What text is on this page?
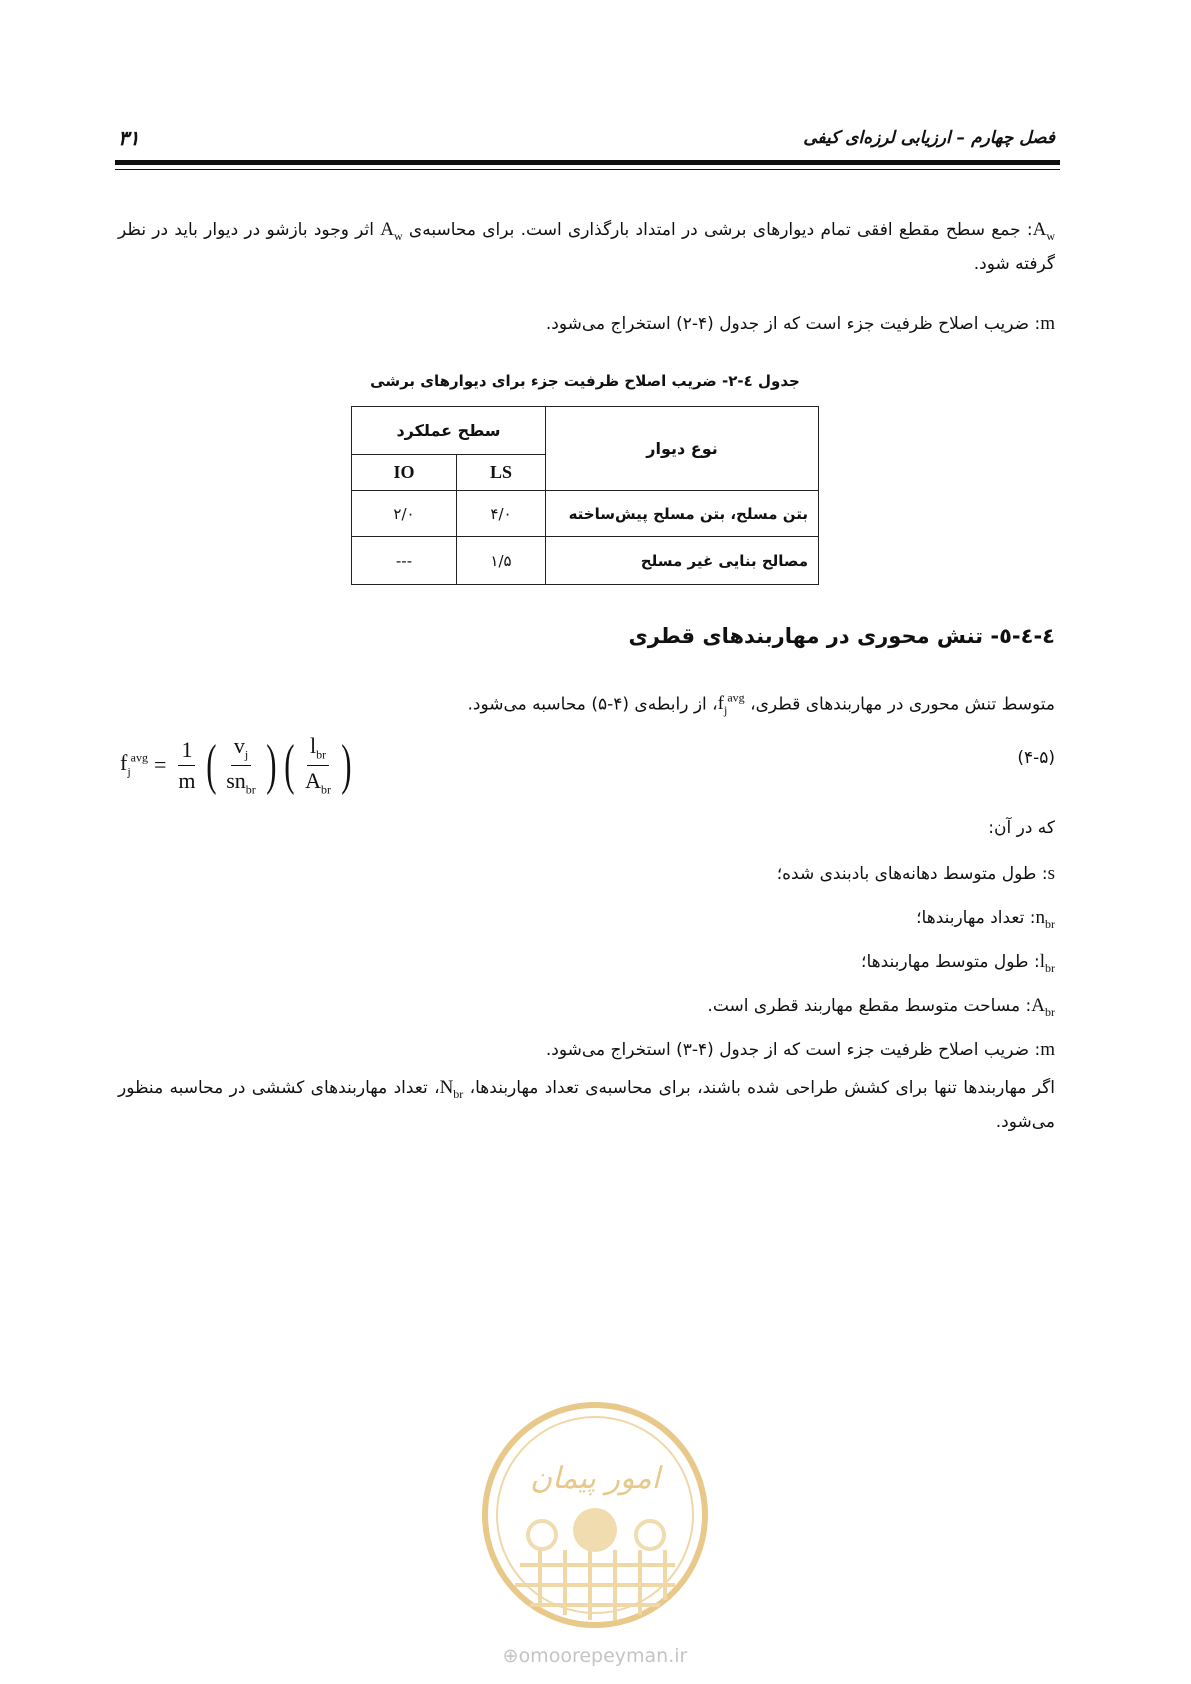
فصل چهارم – ارزیابی لرزه‌ای کیفی
۳۱
$A_w$: جمع سطح مقطع افقی تمام دیوارهای برشی در امتداد بارگذاری است. برای محاسبه‌ی $A_w$ اثر وجود بازشو در دیوار باید در نظر گرفته شود.
m: ضریب اصلاح ظرفیت جزء است که از جدول (۴-۲) استخراج می‌شود.
جدول ٤-٢- ضریب اصلاح ظرفیت جزء برای دیوارهای برشی
نوع دیوار	سطح عملکرد	
	LS	IO
بتن مسلح، بتن مسلح پیش‌ساخته	۴/۰	۲/۰
مصالح بنایی غیر مسلح	۱/۵	---
٤-٤-٥- تنش محوری در مهاربندهای قطری
متوسط تنش محوری در مهاربندهای قطری، $f_j^{avg}،$ از رابطه‌ی (۴-۵) محاسبه می‌شود.
$f_j^{avg} = \frac{1}{m}$ ( $\frac{v_j}{sn_{br}}$ ) ( $\frac{l_{br}}{A_{br}}$ )	(۴-۵)
که در آن:
s: طول متوسط دهانه‌های بادبندی شده؛
$n_{br}$: تعداد مهاربندها؛
$l_{br}$: طول متوسط مهاربندها؛
$A_{br}$: مساحت متوسط مقطع مهاربند قطری است.
m: ضریب اصلاح ظرفیت جزء است که از جدول (۴-۳) استخراج می‌شود.
اگر مهاربندها تنها برای کشش طراحی شده باشند، برای محاسبه‌ی تعداد مهاربندها، $N_{br}،$ تعداد مهاربندهای کششی در محاسبه منظور می‌شود.
امور پیمان
⊕omoorepeyman.ir
